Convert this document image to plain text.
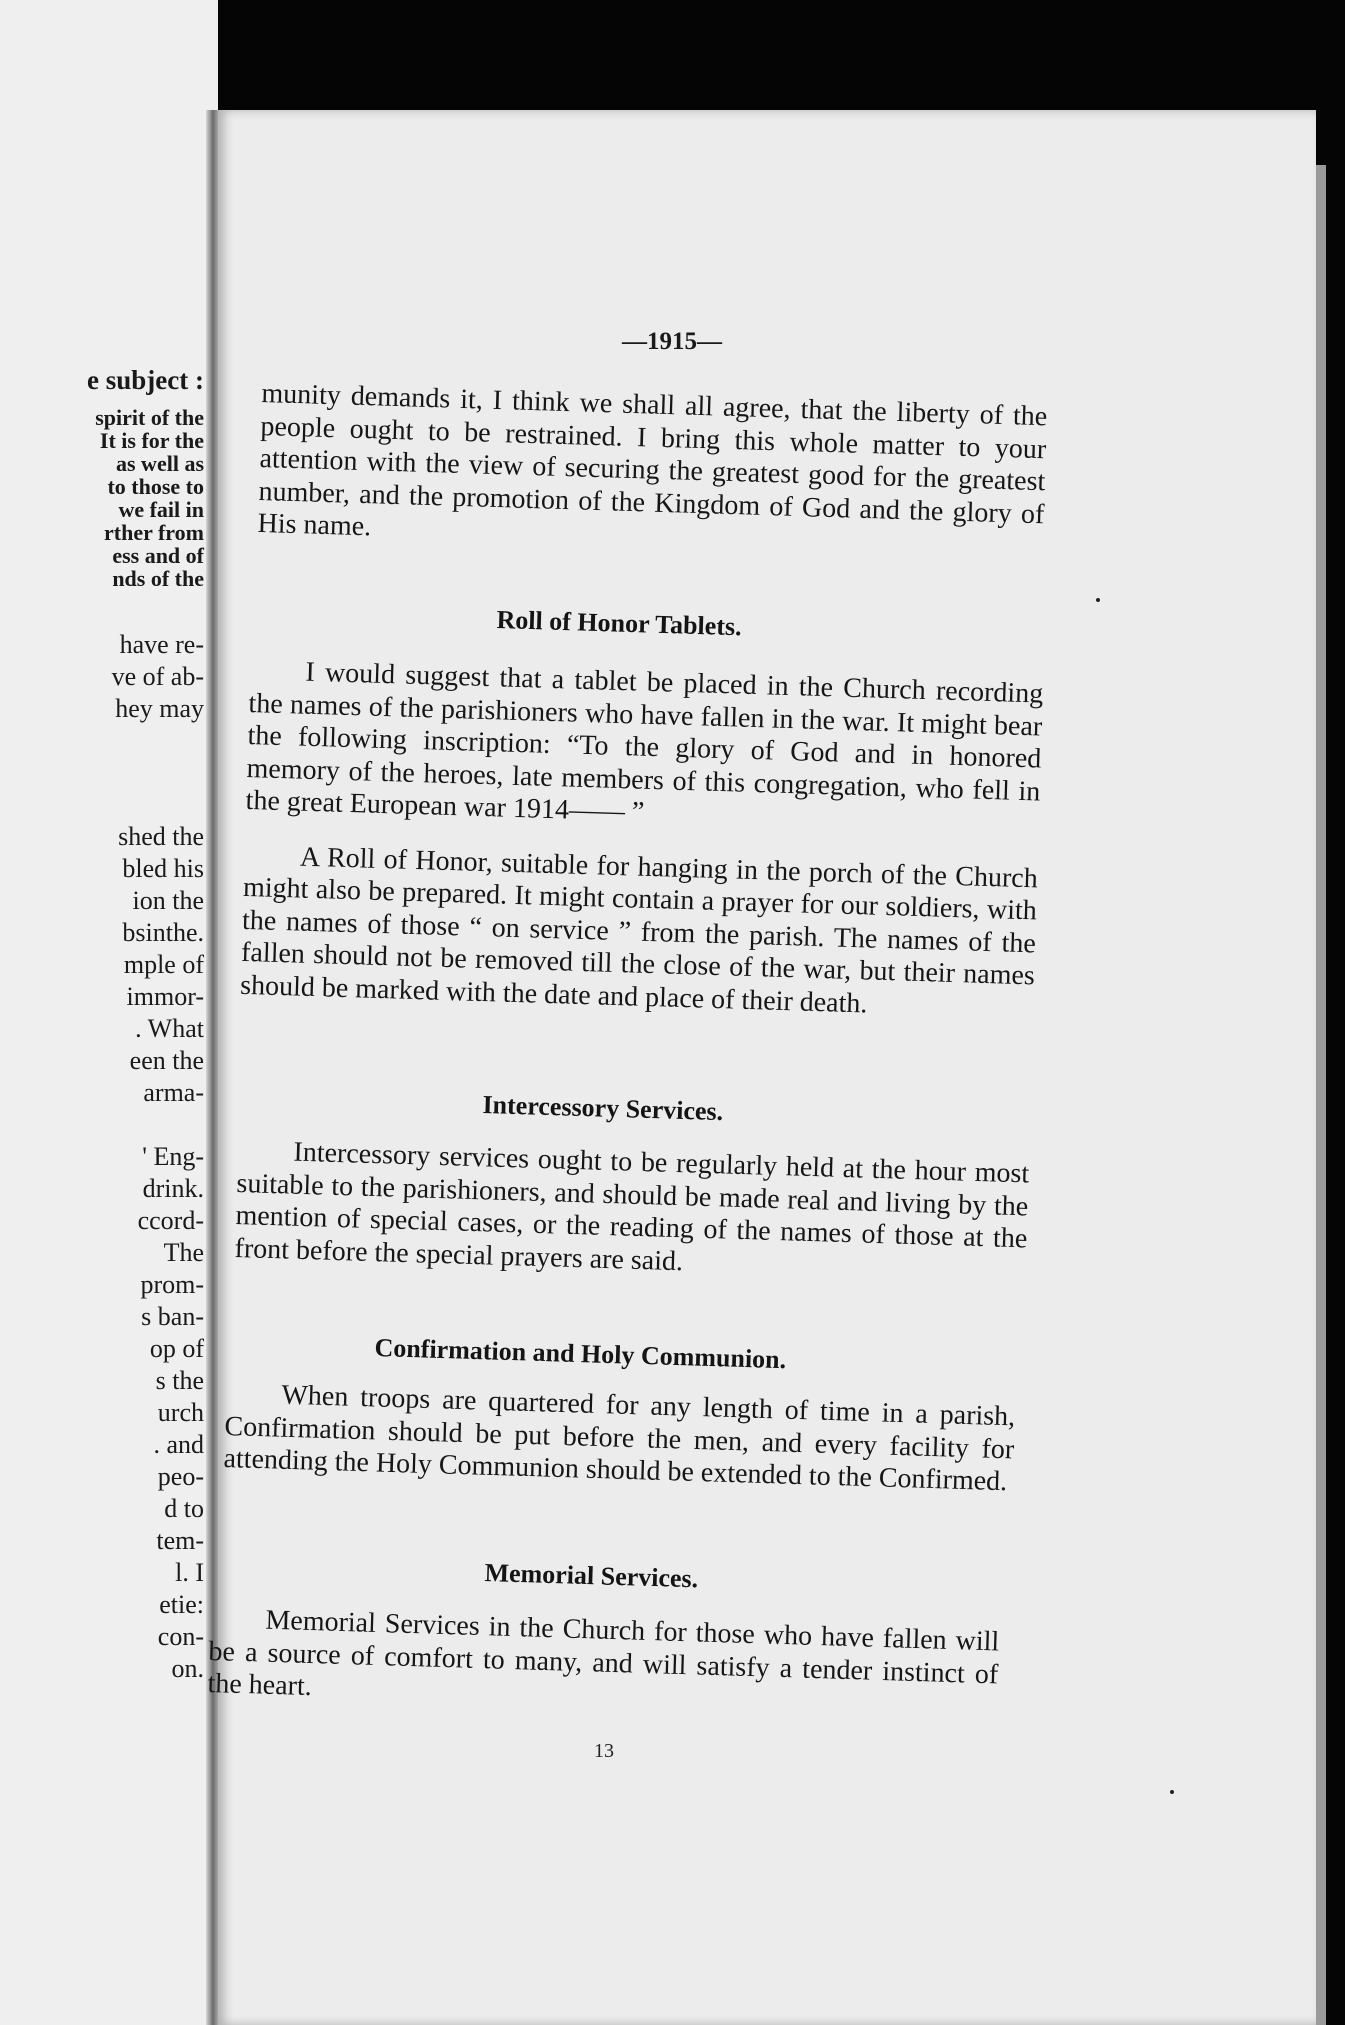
e subject :
spirit of the
It is for the
as well as
to those to
we fail in
rther from
ess and of
nds of the
have re-
ve of ab-
hey may
shed the
bled his
ion the
bsinthe.
mple of
immor-
. What
een the
arma-
' Eng-
drink.
ccord-
The
prom-
s ban-
op of
s the
urch
. and
peo-
d to
tem-
l. I
etie:
con-
on.
—1915—
munity demands it, I think we shall all agree, that the liberty of the people ought to be restrained. I bring this whole matter to your attention with the view of securing the greatest good for the greatest number, and the promotion of the Kingdom of God and the glory of His name.
Roll of Honor Tablets.
I would suggest that a tablet be placed in the Church recording the names of the parishioners who have fallen in the war. It might bear the following inscription: “To the glory of God and in honored memory of the heroes, late members of this congregation, who fell in the great European war 1914—— ”
A Roll of Honor, suitable for hanging in the porch of the Church might also be prepared. It might contain a prayer for our soldiers, with the names of those “ on service ” from the parish. The names of the fallen should not be removed till the close of the war, but their names should be marked with the date and place of their death.
Intercessory Services.
Intercessory services ought to be regularly held at the hour most suitable to the parishioners, and should be made real and living by the mention of special cases, or the reading of the names of those at the front before the special prayers are said.
Confirmation and Holy Communion.
When troops are quartered for any length of time in a parish, Confirmation should be put before the men, and every facility for attending the Holy Communion should be extended to the Confirmed.
Memorial Services.
Memorial Services in the Church for those who have fallen will be a source of comfort to many, and will satisfy a tender instinct of the heart.
13
